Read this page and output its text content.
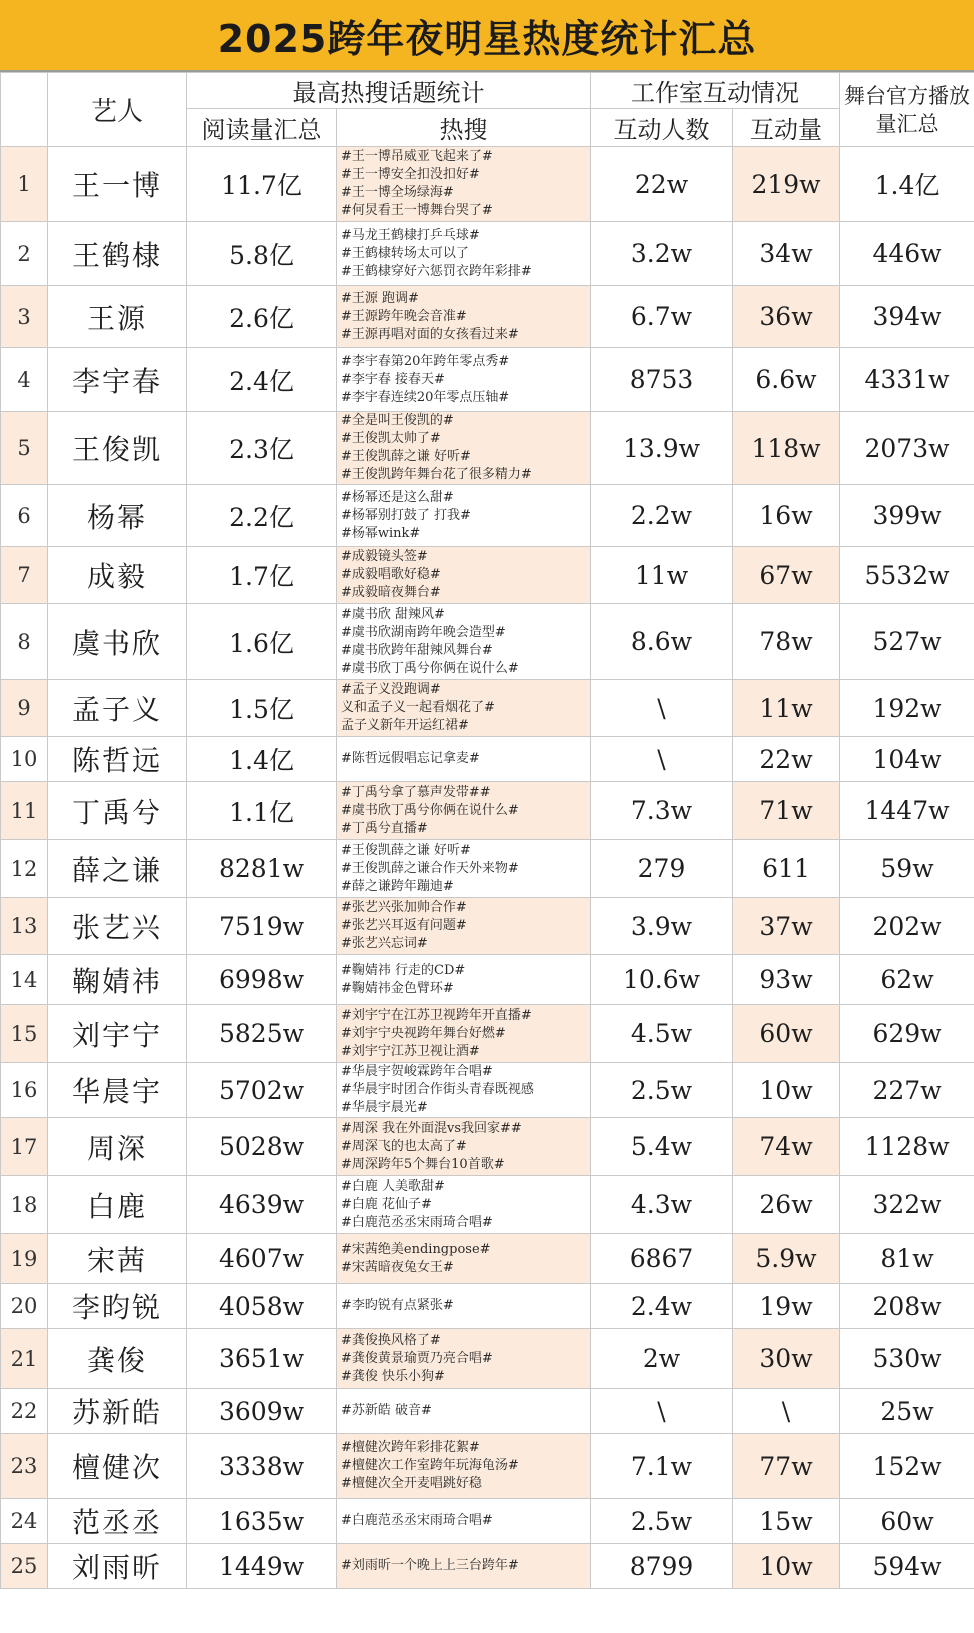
2025跨年夜明星热度统计汇总
	艺人	最高热搜话题统计		工作室互动情况		舞台官方播放量汇总
		阅读量汇总	热搜	互动人数	互动量	
1	王一博	11.7亿	#王一博吊威亚飞起来了#
#王一博安全扣没扣好#
#王一博全场绿海#
#何炅看王一博舞台哭了#	22w	219w	1.4亿
2	王鹤棣	5.8亿	#马龙王鹤棣打乒乓球#
#王鹤棣转场太可以了
#王鹤棣穿好六惩罚衣跨年彩排#	3.2w	34w	446w
3	王源	2.6亿	#王源 跑调#
#王源跨年晚会音准#
#王源再唱对面的女孩看过来#	6.7w	36w	394w
4	李宇春	2.4亿	#李宇春第20年跨年零点秀#
#李宇春 接春天#
#李宇春连续20年零点压轴#	8753	6.6w	4331w
5	王俊凯	2.3亿	#全是叫王俊凯的#
#王俊凯太帅了#
#王俊凯薛之谦 好听#
#王俊凯跨年舞台花了很多精力#	13.9w	118w	2073w
6	杨幂	2.2亿	#杨幂还是这么甜#
#杨幂别打鼓了 打我#
#杨幂wink#	2.2w	16w	399w
7	成毅	1.7亿	#成毅镜头签#
#成毅唱歌好稳#
#成毅暗夜舞台#	11w	67w	5532w
8	虞书欣	1.6亿	#虞书欣 甜辣风#
#虞书欣湖南跨年晚会造型#
#虞书欣跨年甜辣风舞台#
#虞书欣丁禹兮你俩在说什么#	8.6w	78w	527w
9	孟子义	1.5亿	#孟子义没跑调#
义和孟子义一起看烟花了#
孟子义新年开运红裙#	\	11w	192w
10	陈哲远	1.4亿	#陈哲远假唱忘记拿麦#	\	22w	104w
11	丁禹兮	1.1亿	#丁禹兮拿了慕声发带##
#虞书欣丁禹兮你俩在说什么#
#丁禹兮直播#	7.3w	71w	1447w
12	薛之谦	8281w	#王俊凯薛之谦 好听#
#王俊凯薛之谦合作天外来物#
#薛之谦跨年蹦迪#	279	611	59w
13	张艺兴	7519w	#张艺兴张加帅合作#
#张艺兴耳返有问题#
#张艺兴忘词#	3.9w	37w	202w
14	鞠婧祎	6998w	#鞠婧祎 行走的CD#
#鞠婧祎金色臂环#	10.6w	93w	62w
15	刘宇宁	5825w	#刘宇宁在江苏卫视跨年开直播#
#刘宇宁央视跨年舞台好燃#
#刘宇宁江苏卫视让酒#	4.5w	60w	629w
16	华晨宇	5702w	#华晨宇贺峻霖跨年合唱#
#华晨宇时团合作街头青春既视感
#华晨宇晨光#	2.5w	10w	227w
17	周深	5028w	#周深 我在外面混vs我回家##
#周深飞的也太高了#
#周深跨年5个舞台10首歌#	5.4w	74w	1128w
18	白鹿	4639w	#白鹿 人美歌甜#
#白鹿 花仙子#
#白鹿范丞丞宋雨琦合唱#	4.3w	26w	322w
19	宋茜	4607w	#宋茜绝美endingpose#
#宋茜暗夜兔女王#	6867	5.9w	81w
20	李昀锐	4058w	#李昀锐有点紧张#	2.4w	19w	208w
21	龚俊	3651w	#龚俊换风格了#
#龚俊黄景瑜贾乃亮合唱#
#龚俊 快乐小狗#	2w	30w	530w
22	苏新皓	3609w	#苏新皓 破音#	\	\	25w
23	檀健次	3338w	#檀健次跨年彩排花絮#
#檀健次工作室跨年玩海龟汤#
#檀健次全开麦唱跳好稳	7.1w	77w	152w
24	范丞丞	1635w	#白鹿范丞丞宋雨琦合唱#	2.5w	15w	60w
25	刘雨昕	1449w	#刘雨昕一个晚上上三台跨年#	8799	10w	594w
